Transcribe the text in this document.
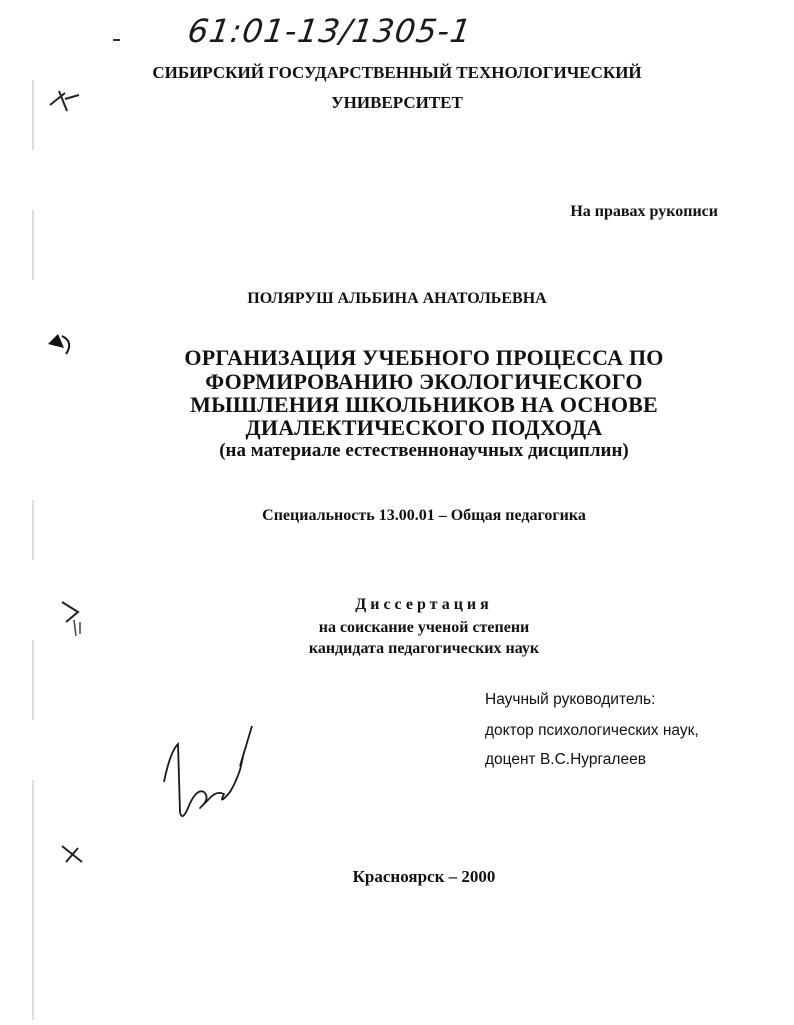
61:01-13/1305-1
СИБИРСКИЙ ГОСУДАРСТВЕННЫЙ ТЕХНОЛОГИЧЕСКИЙ
УНИВЕРСИТЕТ
На правах рукописи
ПОЛЯРУШ АЛЬБИНА АНАТОЛЬЕВНА
ОРГАНИЗАЦИЯ УЧЕБНОГО ПРОЦЕССА ПО
ФОРМИРОВАНИЮ ЭКОЛОГИЧЕСКОГО
МЫШЛЕНИЯ ШКОЛЬНИКОВ НА ОСНОВЕ
ДИАЛЕКТИЧЕСКОГО ПОДХОДА
(на материале естественнонаучных дисциплин)
Специальность 13.00.01 – Общая педагогика
Диссертация
на соискание ученой степени
кандидата педагогических наук
Научный руководитель:
доктор психологических наук,
доцент В.С.Нургалеев
Красноярск – 2000
